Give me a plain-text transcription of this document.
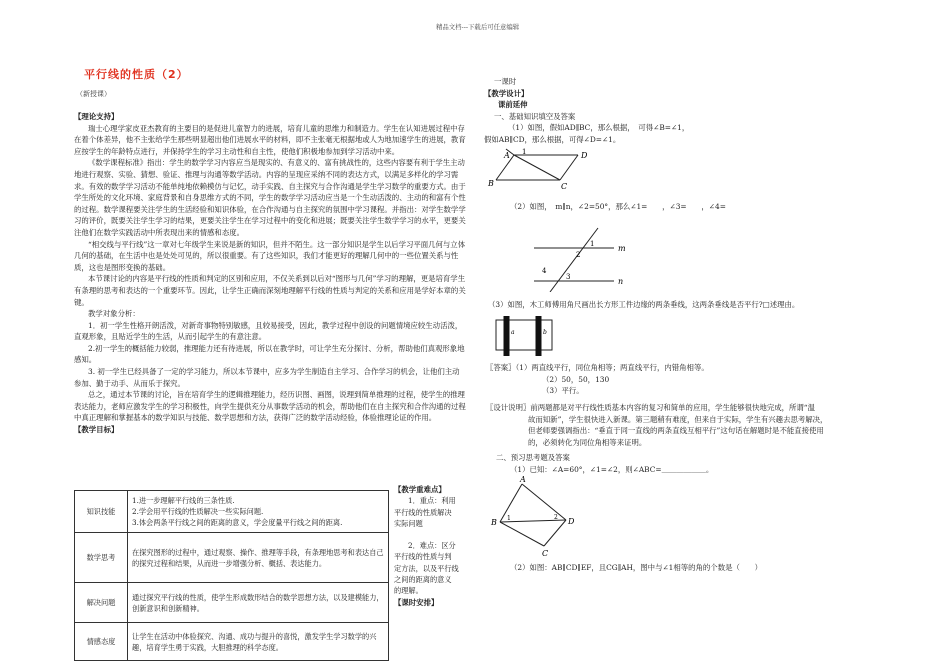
精品文档---下载后可任意编辑
平行线的性质（2）
（新授课）
【理论支持】

瑞士心理学家皮亚杰教育的主要目的是促进儿童智力的进展，培育儿童的思维力和制造力。学生在认知进展过程中存在着个体差异，他不主张给学生那些明显超出他们进展水平的材料，即不主张毫无根据地或人为地加速学生的进展，教育应按学生的年龄特点进行，并保持学生的学习主动性和自主性，使他们积极地参加到学习活动中来。

《数学课程标准》指出：学生的数学学习内容应当是现实的、有意义的、富有挑战性的，这些内容要有利于学生主动地进行观察、实验、猜想、验证、推理与沟通等数学活动。内容的呈现应采纳不同的表达方式，以满足多样化的学习需求。有效的数学学习活动不能单纯地依赖模仿与记忆，动手实践、自主探究与合作沟通是学生学习数学的重要方式。由于学生所处的文化环境、家庭背景和自身思维方式的不同，学生的数学学习活动应当是一个生动活泼的、主动的和富有个性的过程。数学课程要关注学生的生活经验和知识体验，在合作沟通与自主探究的氛围中学习课程。并指出：对学生数学学习的评价，既要关注学生学习的结果，更要关注学生在学习过程中的变化和进展；既要关注学生数学学习的水平，更要关注他们在数学实践活动中所表现出来的情感和态度。

“相交线与平行线”这一章对七年级学生来说是新的知识，但并不陌生。这一部分知识是学生以后学习平面几何与立体几何的基础，在生活中也是处处可见的，所以很重要。有了这些知识，我们才能更好的理解几何中的一些位置关系与性质，这也是图形变换的基础。

本节课讨论的内容是平行线的性质和判定的区别和应用，不仅关系到以后对“图形与几何”学习的理解，更是培育学生有条理的思考和表达的一个重要环节。因此，让学生正确而深刻地理解平行线的性质与判定的关系和应用是学好本章的关键。

教学对象分析：

1．初一学生性格开朗活泼，对新奇事物特别敏感，且较易接受，因此，教学过程中创设的问题情境应较生动活泼，直观形象，且贴近学生的生活，从而引起学生的有意注意。

2.初一学生的概括能力较弱，推理能力还有待进展，所以在教学时，可让学生充分探讨、分析，帮助他们真观形象地感知。

3. 初一学生已经具备了一定的学习能力，所以本节课中，应多为学生制造自主学习、合作学习的机会，让他们主动参加、勤于动手、从而乐于探究。

总之，通过本节课的讨论，旨在培育学生的逻辑推理能力，经历识图、画图，说理到简单推理的过程，使学生的推理表达能力，老师应激发学生的学习积极性，向学生提供充分从事数学活动的机会，帮助他们在自主探究和合作沟通的过程中真正理解和掌握基本的数学知识与技能、数学思想和方法，获得广泛的数学活动经验，体验推理论证的作用。

【教学目标】
知识技能	1.进一步理解平行线的三条性质.
2.学会用平行线的性质解决一些实际问题.
3.体会两条平行线之间的距离的意义，学会度量平行线之间的距离.
数学思考	在探究图形的过程中，通过观察、操作、推理等手段，有条理地思考和表达自己的探究过程和结果，从而进一步增强分析、概括、表达能力。
解决问题	通过探究平行线的性质，使学生形成数形结合的数学思想方法，以及建模能力，创新意识和创新精神。
情感态度	让学生在活动中体验探究、沟通、成功与提升的喜悦，激发学生学习数学的兴趣，培育学生勇于实践，大胆推理的科学态度。
【教学重难点】
1．重点：利用
平行线的性质解决
实际问题
2．难点：区分
平行线的性质与判
定方法，以及平行线
之间的距离的意义
的理解。
【课时安排】

一课时

【教学设计】

课前延伸

一、基础知识填空及答案

（1）如图，假如AD∥BC，那么根据，　可得∠B=∠1，

假如AB∥CD，那么根据，可得∠D=∠1。

A 1	D
B	C
（2）如图，　m∥n，∠2=50°，那么∠1=　　，∠3=　　，∠4=
m
n
1
2
3
4
（3）如图，木工师傅用角尺画出长方形工件边缘的两条垂线，这两条垂线是否平行?□述理由。
a	b
〖答案〗（1）两直线平行，同位角相等；两直线平行，内错角相等。
（2）50，50，130
（3）平行。
〖设计说明〗前两题都是对平行线性质基本内容的复习和简单的应用，学生能够很快地完成，所谓“温
故而知新”，学生很快进入新课。第三题稍有难度，但来自于实际，学生有兴趣去思考解决，
但老师要强调指出：“垂直于同一直线的两条直线互相平行”这句话在解题时是不能直接使用
的，必须转化为同位角相等来证明。
二、预习思考题及答案
（1）已知：∠A=60°，∠1=∠2，则∠ABC=＿＿＿＿＿＿。
A
B	D
C
1	2
（2）如图：AB∥CD∥EF，且CG∥AH，图中与∠1相等的角的个数是（　　）
